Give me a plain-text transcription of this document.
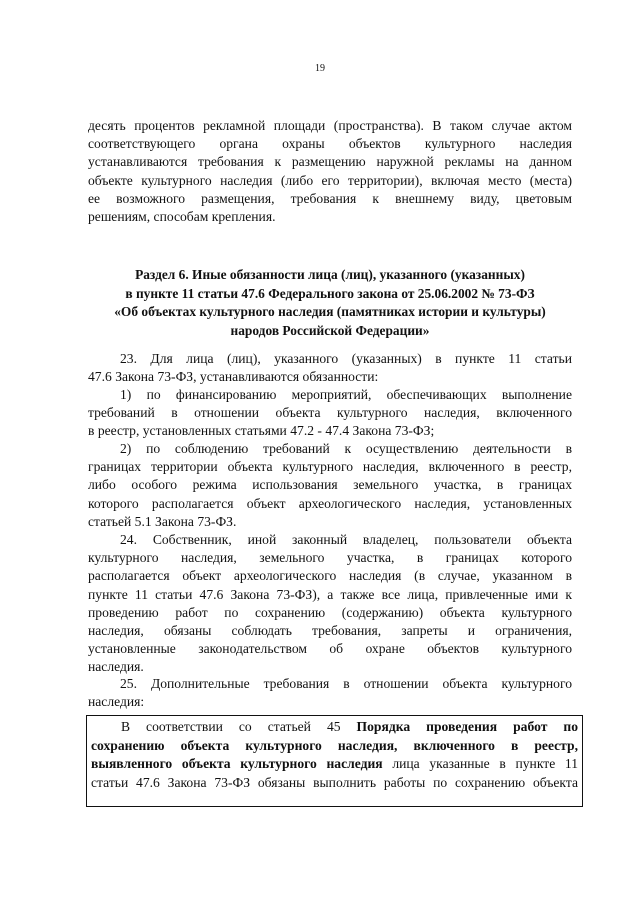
19
десять процентов рекламной площади (пространства). В таком случае актом
соответствующего органа охраны объектов культурного наследия
устанавливаются требования к размещению наружной рекламы на данном
объекте культурного наследия (либо его территории), включая место (места)
ее возможного размещения, требования к внешнему виду, цветовым
решениям, способам крепления.
Раздел 6. Иные обязанности лица (лиц), указанного (указанных)
в пункте 11 статьи 47.6 Федерального закона от 25.06.2002 № 73-ФЗ
«Об объектах культурного наследия (памятниках истории и культуры)
народов Российской Федерации»
23. Для лица (лиц), указанного (указанных) в пункте 11 статьи
47.6 Закона 73-ФЗ, устанавливаются обязанности:
1) по финансированию мероприятий, обеспечивающих выполнение
требований в отношении объекта культурного наследия, включенного
в реестр, установленных статьями 47.2 - 47.4 Закона 73-ФЗ;
2) по соблюдению требований к осуществлению деятельности в
границах территории объекта культурного наследия, включенного в реестр,
либо особого режима использования земельного участка, в границах
которого располагается объект археологического наследия, установленных
статьей 5.1 Закона 73-ФЗ.
24. Собственник, иной законный владелец, пользователи объекта
культурного наследия, земельного участка, в границах которого
располагается объект археологического наследия (в случае, указанном в
пункте 11 статьи 47.6 Закона 73-ФЗ), а также все лица, привлеченные ими к
проведению работ по сохранению (содержанию) объекта культурного
наследия, обязаны соблюдать требования, запреты и ограничения,
установленные законодательством об охране объектов культурного
наследия.
25. Дополнительные требования в отношении объекта культурного
наследия:
В соответствии со статьей 45 Порядка проведения работ по
сохранению объекта культурного наследия, включенного в реестр,
выявленного объекта культурного наследия лица указанные в пункте 11
статьи 47.6 Закона 73-ФЗ обязаны выполнить работы по сохранению объекта
